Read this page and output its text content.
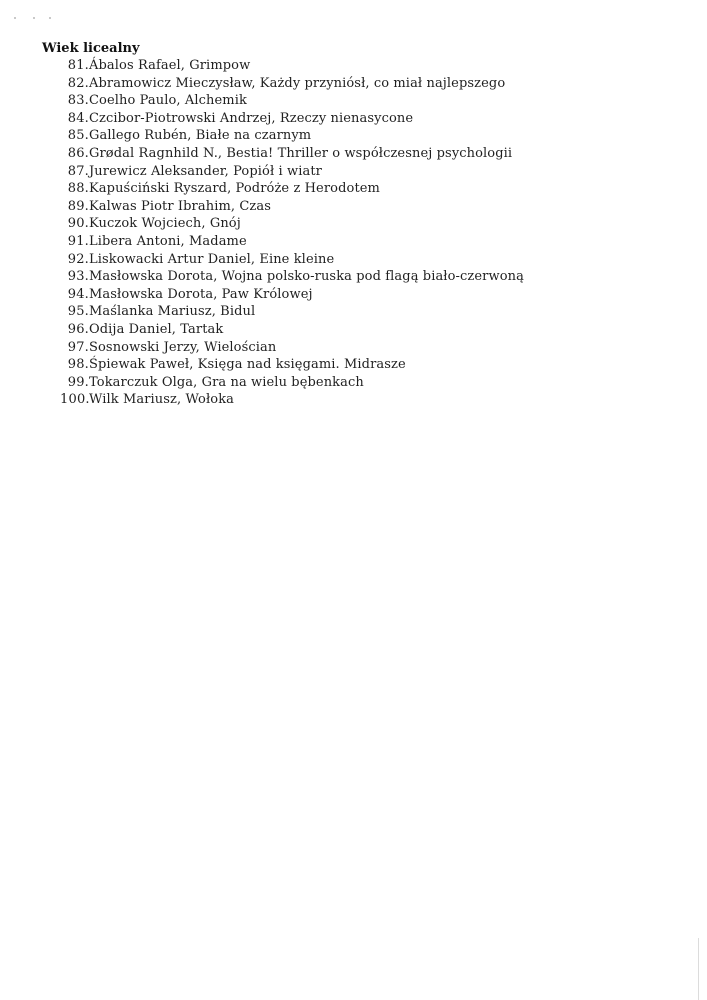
Wiek licealny
81.Ábalos Rafael, Grimpow
82.Abramowicz Mieczysław, Każdy przyniósł, co miał najlepszego
83.Coelho Paulo, Alchemik
84.Czcibor-Piotrowski Andrzej, Rzeczy nienasycone
85.Gallego Rubén, Białe na czarnym
86.Grødal Ragnhild N., Bestia! Thriller o współczesnej psychologii
87.Jurewicz Aleksander, Popiół i wiatr
88.Kapuściński Ryszard, Podróże z Herodotem
89.Kalwas Piotr Ibrahim, Czas
90.Kuczok Wojciech, Gnój
91.Libera Antoni, Madame
92.Liskowacki Artur Daniel, Eine kleine
93.Masłowska Dorota, Wojna polsko-ruska pod flagą biało-czerwoną
94.Masłowska Dorota, Paw Królowej
95.Maślanka Mariusz, Bidul
96.Odija Daniel, Tartak
97.Sosnowski Jerzy, Wielościan
98.Śpiewak Paweł, Księga nad księgami. Midrasze
99.Tokarczuk Olga, Gra na wielu bębenkach
100.Wilk Mariusz, Wołoka
